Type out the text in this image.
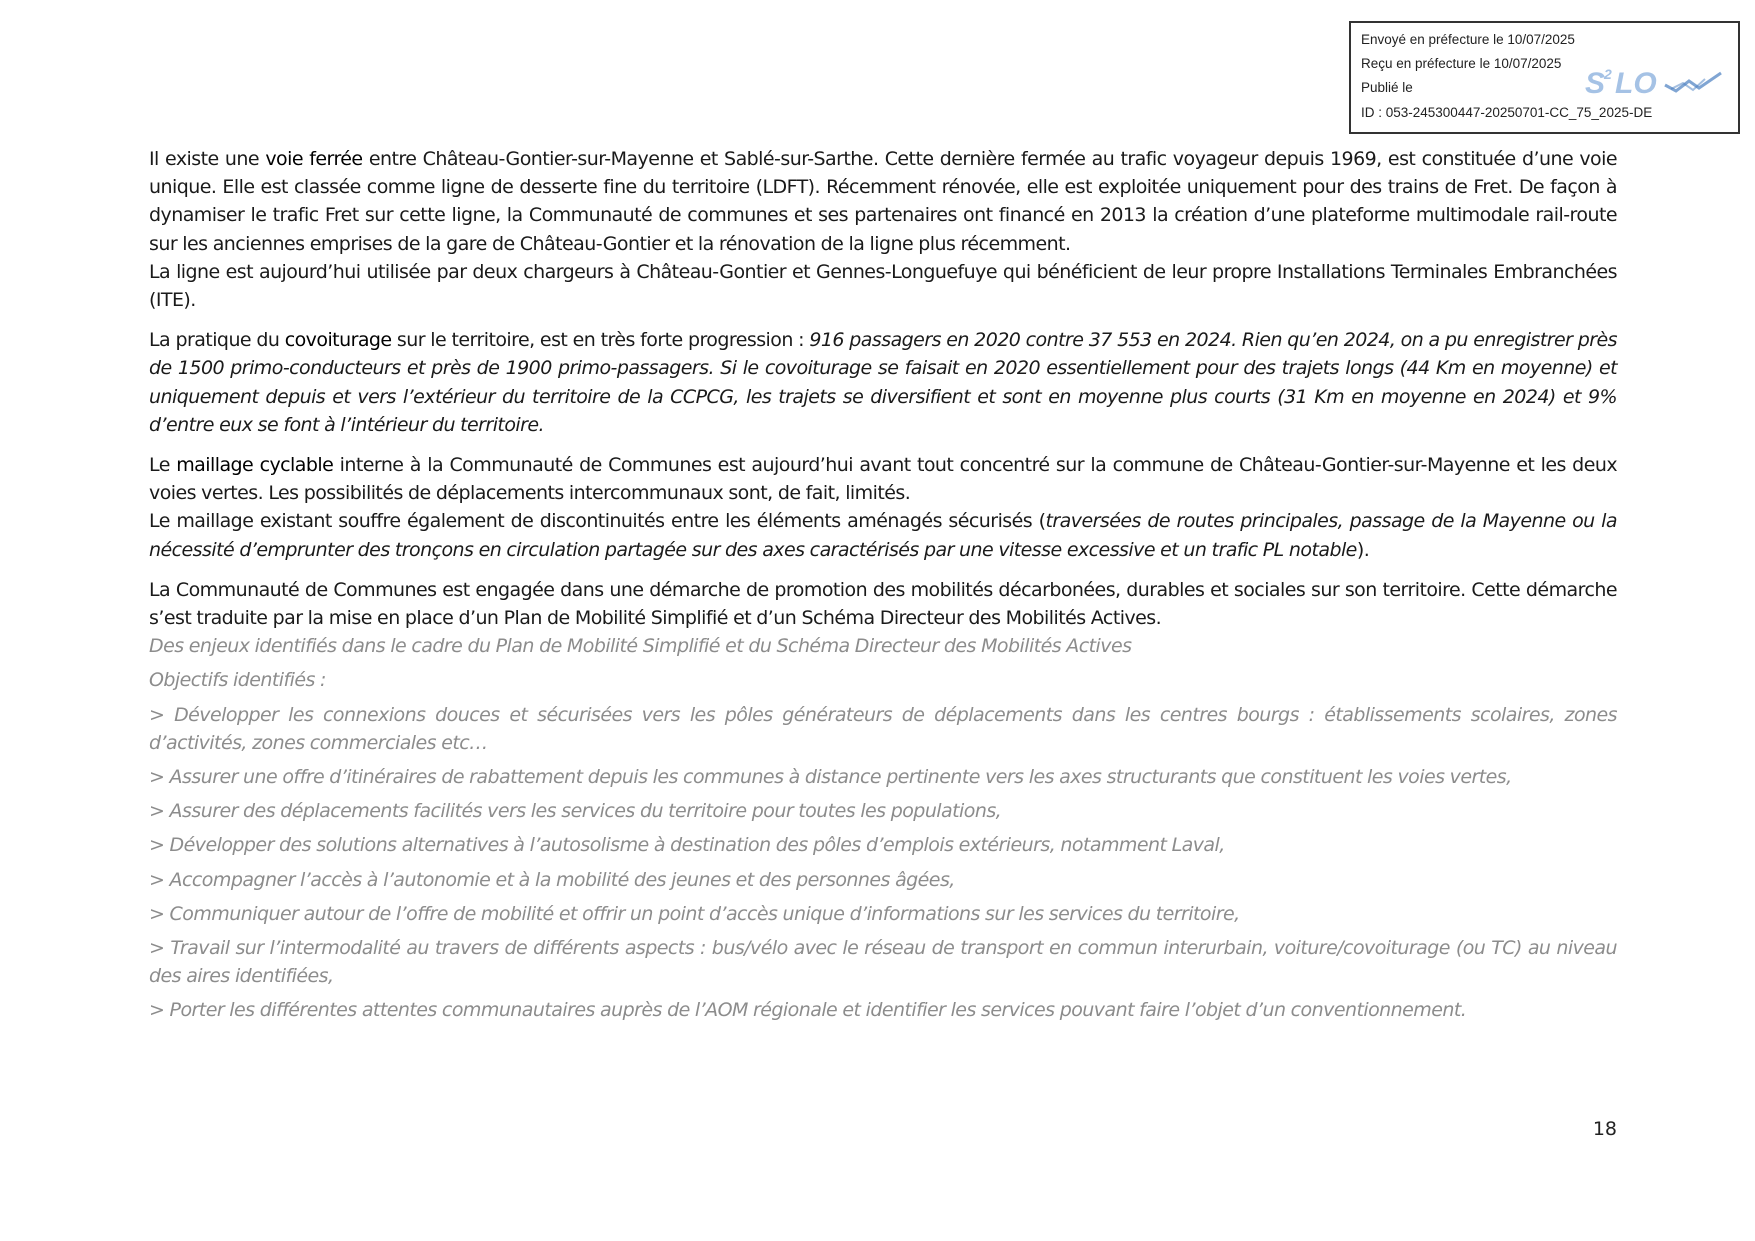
Envoyé en préfecture le 10/07/2025
Reçu en préfecture le 10/07/2025
Publié le
ID : 053-245300447-20250701-CC_75_2025-DE
S
2 LO

Il existe une voie ferrée entre Château-Gontier-sur-Mayenne et Sablé-sur-Sarthe. Cette dernière fermée au trafic voyageur depuis 1969, est constituée d’une voie unique. Elle est classée comme ligne de desserte fine du territoire (LDFT). Récemment rénovée, elle est exploitée uniquement pour des trains de Fret. De façon à dynamiser le trafic Fret sur cette ligne, la Communauté de communes et ses partenaires ont financé en 2013 la création d’une plateforme multimodale rail-route sur les anciennes emprises de la gare de Château-Gontier et la rénovation de la ligne plus récemment.
La ligne est aujourd’hui utilisée par deux chargeurs à Château-Gontier et Gennes-Longuefuye qui bénéficient de leur propre Installations Terminales Embranchées (ITE).

La pratique du covoiturage sur le territoire, est en très forte progression : 916 passagers en 2020 contre 37 553 en 2024. Rien qu’en 2024, on a pu enregistrer près de 1500 primo-conducteurs et près de 1900 primo-passagers. Si le covoiturage se faisait en 2020 essentiellement pour des trajets longs (44 Km en moyenne) et uniquement depuis et vers l’extérieur du territoire de la CCPCG, les trajets se diversifient et sont en moyenne plus courts (31 Km en moyenne en 2024) et 9% d’entre eux se font à l’intérieur du territoire.

Le maillage cyclable interne à la Communauté de Communes est aujourd’hui avant tout concentré sur la commune de Château-Gontier-sur-Mayenne et les deux voies vertes. Les possibilités de déplacements intercommunaux sont, de fait, limités.
Le maillage existant souffre également de discontinuités entre les éléments aménagés sécurisés (traversées de routes principales, passage de la Mayenne ou la nécessité d’emprunter des tronçons en circulation partagée sur des axes caractérisés par une vitesse excessive et un trafic PL notable).

La Communauté de Communes est engagée dans une démarche de promotion des mobilités décarbonées, durables et sociales sur son territoire. Cette démarche s’est traduite par la mise en place d’un Plan de Mobilité Simplifié et d’un Schéma Directeur des Mobilités Actives.

Des enjeux identifiés dans le cadre du Plan de Mobilité Simplifié et du Schéma Directeur des Mobilités Actives

Objectifs identifiés :

> Développer les connexions douces et sécurisées vers les pôles générateurs de déplacements dans les centres bourgs : établissements scolaires, zones d’activités, zones commerciales etc…

> Assurer une offre d’itinéraires de rabattement depuis les communes à distance pertinente vers les axes structurants que constituent les voies vertes,

> Assurer des déplacements facilités vers les services du territoire pour toutes les populations,

> Développer des solutions alternatives à l’autosolisme à destination des pôles d’emplois extérieurs, notamment Laval,

> Accompagner l’accès à l’autonomie et à la mobilité des jeunes et des personnes âgées,

> Communiquer autour de l’offre de mobilité et offrir un point d’accès unique d’informations sur les services du territoire,

> Travail sur l’intermodalité au travers de différents aspects : bus/vélo avec le réseau de transport en commun interurbain, voiture/covoiturage (ou TC) au niveau des aires identifiées,

> Porter les différentes attentes communautaires auprès de l’AOM régionale et identifier les services pouvant faire l’objet d’un conventionnement.

18
